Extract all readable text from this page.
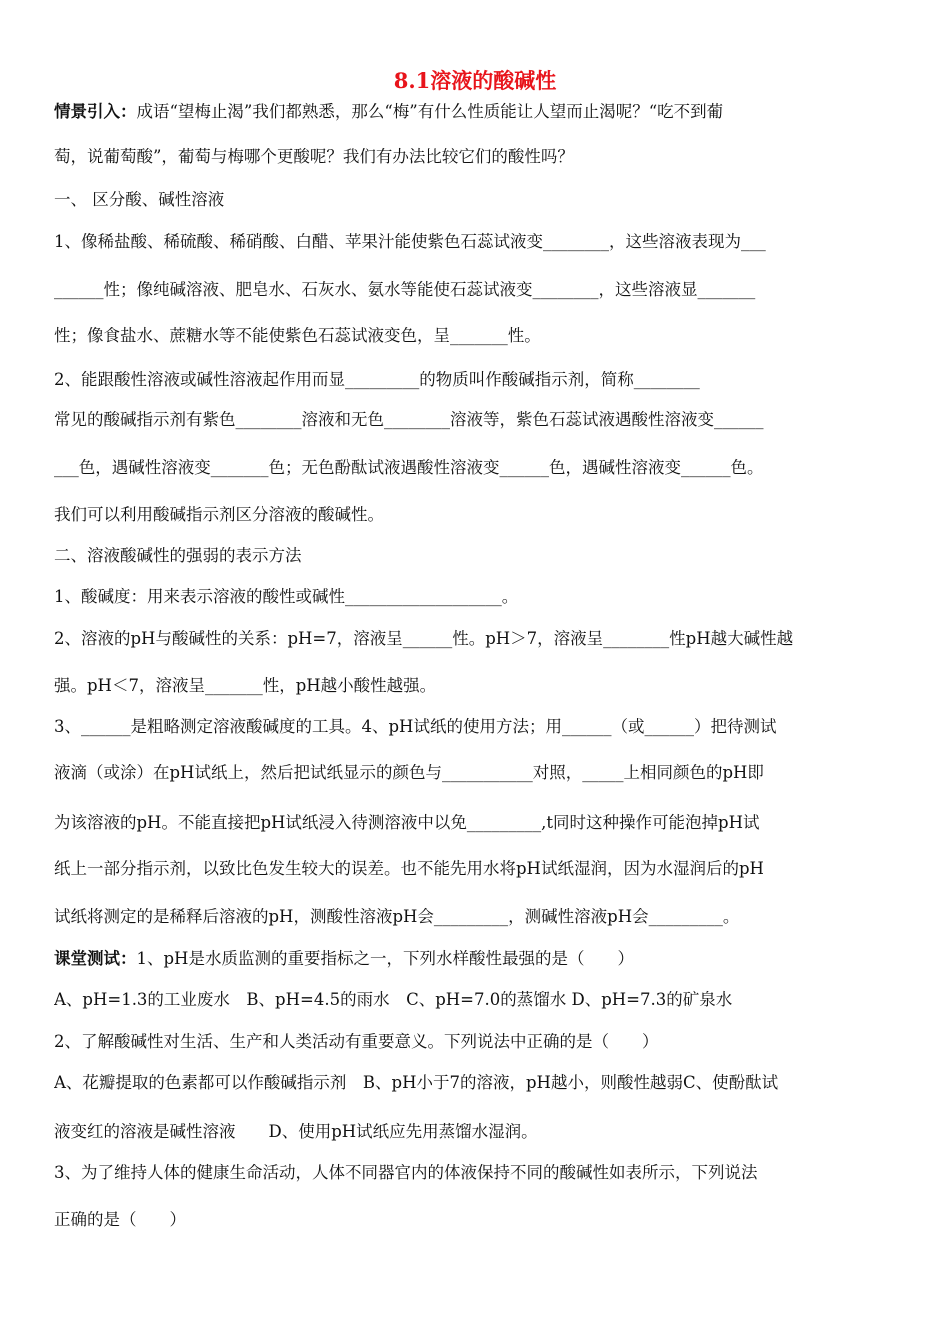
8.1溶液的酸碱性
情景引入：成语“望梅止渴”我们都熟悉，那么“梅”有什么性质能让人望而止渴呢？“吃不到葡
萄，说葡萄酸”，葡萄与梅哪个更酸呢？我们有办法比较它们的酸性吗？
一、 区分酸、碱性溶液
1、像稀盐酸、稀硫酸、稀硝酸、白醋、苹果汁能使紫色石蕊试液变________，这些溶液表现为___
______性；像纯碱溶液、肥皂水、石灰水、氨水等能使石蕊试液变________，这些溶液显_______
性；像食盐水、蔗糖水等不能使紫色石蕊试液变色，呈_______性。
2、能跟酸性溶液或碱性溶液起作用而显_________的物质叫作酸碱指示剂，简称________
常见的酸碱指示剂有紫色________溶液和无色________溶液等，紫色石蕊试液遇酸性溶液变______
___色，遇碱性溶液变_______色；无色酚酞试液遇酸性溶液变______色，遇碱性溶液变______色。
我们可以利用酸碱指示剂区分溶液的酸碱性。
二、溶液酸碱性的强弱的表示方法
1、酸碱度：用来表示溶液的酸性或碱性___________________。
2、溶液的pH与酸碱性的关系：pH=7，溶液呈______性。pH＞7，溶液呈________性pH越大碱性越
强。pH＜7，溶液呈_______性，pH越小酸性越强。
3、______是粗略测定溶液酸碱度的工具。4、pH试纸的使用方法；用______（或______）把待测试
液滴（或涂）在pH试纸上，然后把试纸显示的颜色与___________对照，_____上相同颜色的pH即
为该溶液的pH。不能直接把pH试纸浸入待测溶液中以免_________,t同时这种操作可能泡掉pH试
纸上一部分指示剂，以致比色发生较大的误差。也不能先用水将pH试纸湿润，因为水湿润后的pH
试纸将测定的是稀释后溶液的pH，测酸性溶液pH会_________，测碱性溶液pH会_________。
课堂测试：1、pH是水质监测的重要指标之一，下列水样酸性最强的是（　　）
A、pH=1.3的工业废水　B、pH=4.5的雨水　C、pH=7.0的蒸馏水 D、pH=7.3的矿泉水
2、了解酸碱性对生活、生产和人类活动有重要意义。下列说法中正确的是（　　）
A、花瓣提取的色素都可以作酸碱指示剂　B、pH小于7的溶液，pH越小，则酸性越弱C、使酚酞试
液变红的溶液是碱性溶液　　D、使用pH试纸应先用蒸馏水湿润。
3、为了维持人体的健康生命活动，人体不同器官内的体液保持不同的酸碱性如表所示，下列说法
正确的是（　　）
